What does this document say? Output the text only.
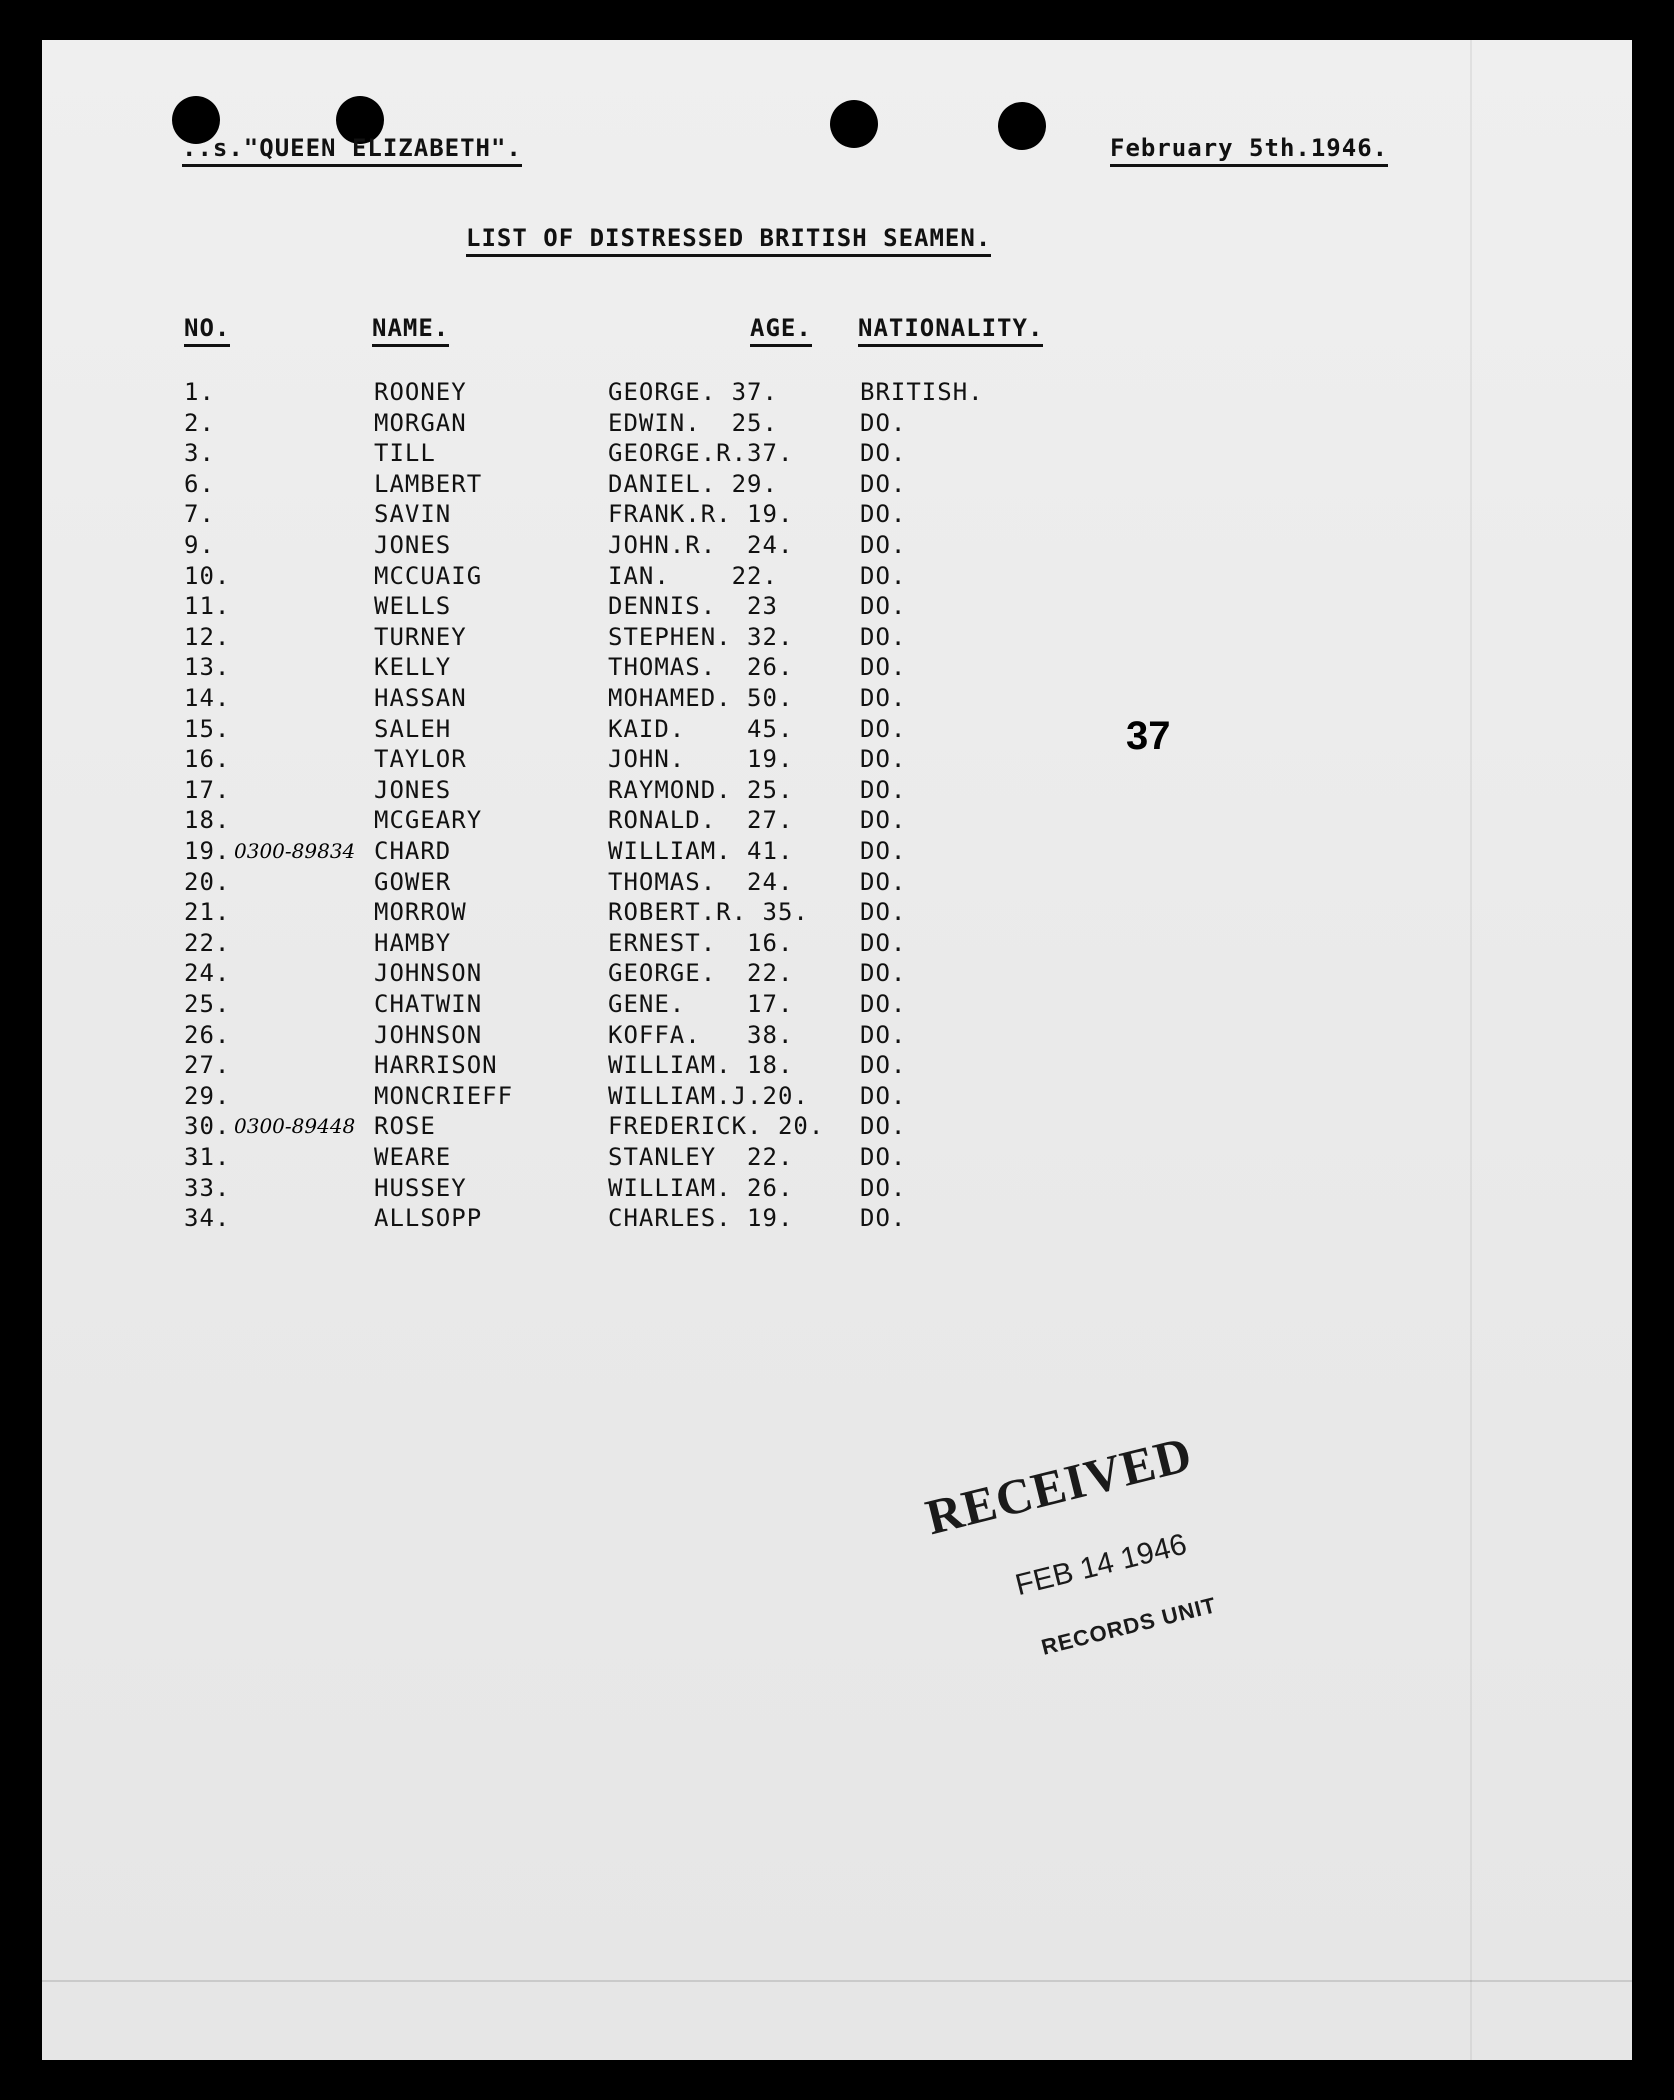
..s."QUEEN ELIZABETH".	February 5th.1946.
LIST OF DISTRESSED BRITISH SEAMEN.
NO.	NAME.	AGE. NATIONALITY.
1.	ROONEY	GEORGE. 37.	BRITISH.
2.	MORGAN	EDWIN.  25.	DO.
3.	TILL	GEORGE.R.37.	DO.
6.	LAMBERT	DANIEL. 29.	DO.
7.	SAVIN	FRANK.R. 19.	DO.
9.	JONES	JOHN.R.  24.	DO.
10.	MCCUAIG	IAN.    22.	DO.
11.	WELLS	DENNIS.  23	DO.
12.	TURNEY	STEPHEN. 32.	DO.
13.	KELLY	THOMAS.  26.	DO.
14.	HASSAN	MOHAMED. 50.	DO.
15.	SALEH	KAID.    45.	DO.
16.	TAYLOR	JOHN.    19.	DO.
17.	JONES	RAYMOND. 25.	DO.
18.	MCGEARY	RONALD.  27.	DO.
19.	CHARD	WILLIAM. 41.	DO.
0300-89834
20.	GOWER	THOMAS.  24.	DO.
21.	MORROW	ROBERT.R. 35. DO.
22.	HAMBY	ERNEST.  16.	DO.
24.	JOHNSON	GEORGE.  22.	DO.
25.	CHATWIN	GENE.    17.	DO.
26.	JOHNSON	KOFFA.   38.	DO.
27.	HARRISON	WILLIAM. 18.	DO.
29.	MONCRIEFF	WILLIAM.J.20. DO.
30.	ROSE	FREDERICK. 20. DO.
0300-89448
31.	WEARE	STANLEY  22.	DO.
33.	HUSSEY	WILLIAM. 26.	DO.
34.	ALLSOPP	CHARLES. 19.	DO.
37
RECEIVED
FEB 14 1946
RECORDS UNIT
